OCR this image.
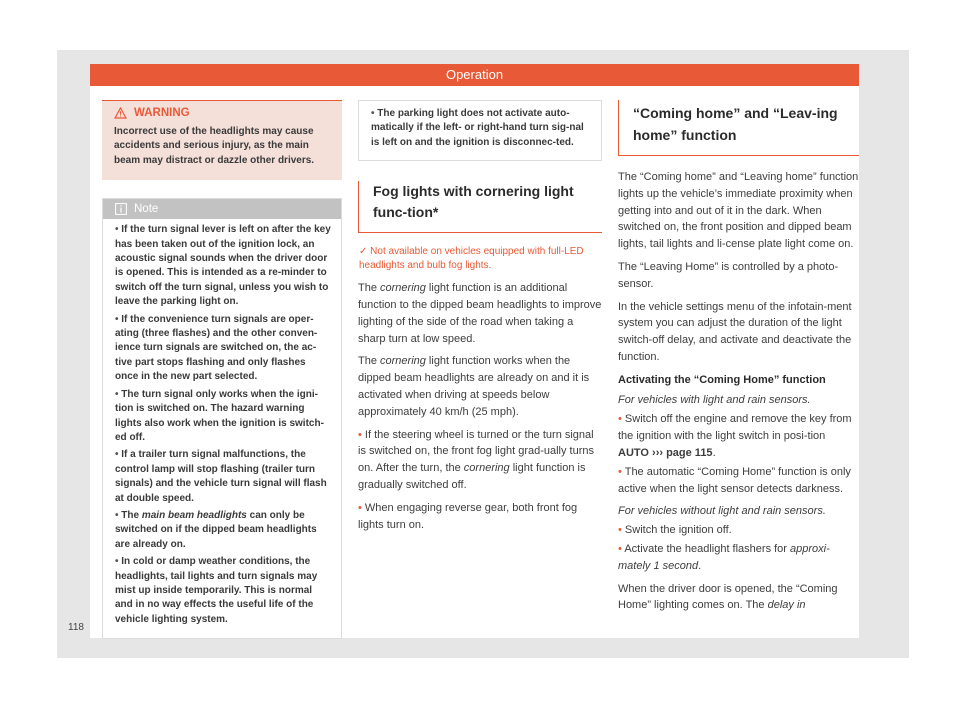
Operation
WARNING
Incorrect use of the headlights may cause accidents and serious injury, as the main beam may distract or dazzle other drivers.
Note

• If the turn signal lever is left on after the key has been taken out of the ignition lock, an acoustic signal sounds when the driver door is opened. This is intended as a re-minder to switch off the turn signal, unless you wish to leave the parking light on.

• If the convenience turn signals are oper-ating (three flashes) and the other conven-ience turn signals are switched on, the ac-tive part stops flashing and only flashes once in the new part selected.

• The turn signal only works when the igni-tion is switched on. The hazard warning lights also work when the ignition is switch-ed off.

• If a trailer turn signal malfunctions, the control lamp will stop flashing (trailer turn signals) and the vehicle turn signal will flash at double speed.

• The main beam headlights can only be switched on if the dipped beam headlights are already on.

• In cold or damp weather conditions, the headlights, tail lights and turn signals may mist up inside temporarily. This is normal and in no way effects the useful life of the vehicle lighting system.

• The parking light does not activate auto-matically if the left- or right-hand turn sig-nal is left on and the ignition is disconnec-ted.
Fog lights with cornering light func-tion*
✓ Not available on vehicles equipped with full-LED headlights and bulb fog lights.

The cornering light function is an additional function to the dipped beam headlights to improve lighting of the side of the road when taking a sharp turn at low speed.

The cornering light function works when the dipped beam headlights are already on and it is activated when driving at speeds below approximately 40 km/h (25 mph).

• If the steering wheel is turned or the turn signal is switched on, the front fog light grad-ually turns on. After the turn, the cornering light function is gradually switched off.

• When engaging reverse gear, both front fog lights turn on.

“Coming home” and “Leav-ing home” function

The “Coming home” and “Leaving home” function lights up the vehicle’s immediate proximity when getting into and out of it in the dark. When switched on, the front position and dipped beam lights, tail lights and li-cense plate light come on.

The “Leaving Home” is controlled by a photo-sensor.

In the vehicle settings menu of the infotain-ment system you can adjust the duration of the light switch-off delay, and activate and deactivate the function.

Activating the “Coming Home” function

For vehicles with light and rain sensors.

• Switch off the engine and remove the key from the ignition with the light switch in posi-tion AUTO ››› page 115.

• The automatic “Coming Home” function is only active when the light sensor detects darkness.

For vehicles without light and rain sensors.

• Switch the ignition off.

• Activate the headlight flashers for approxi-mately 1 second.

When the driver door is opened, the “Coming Home” lighting comes on. The delay in

118
